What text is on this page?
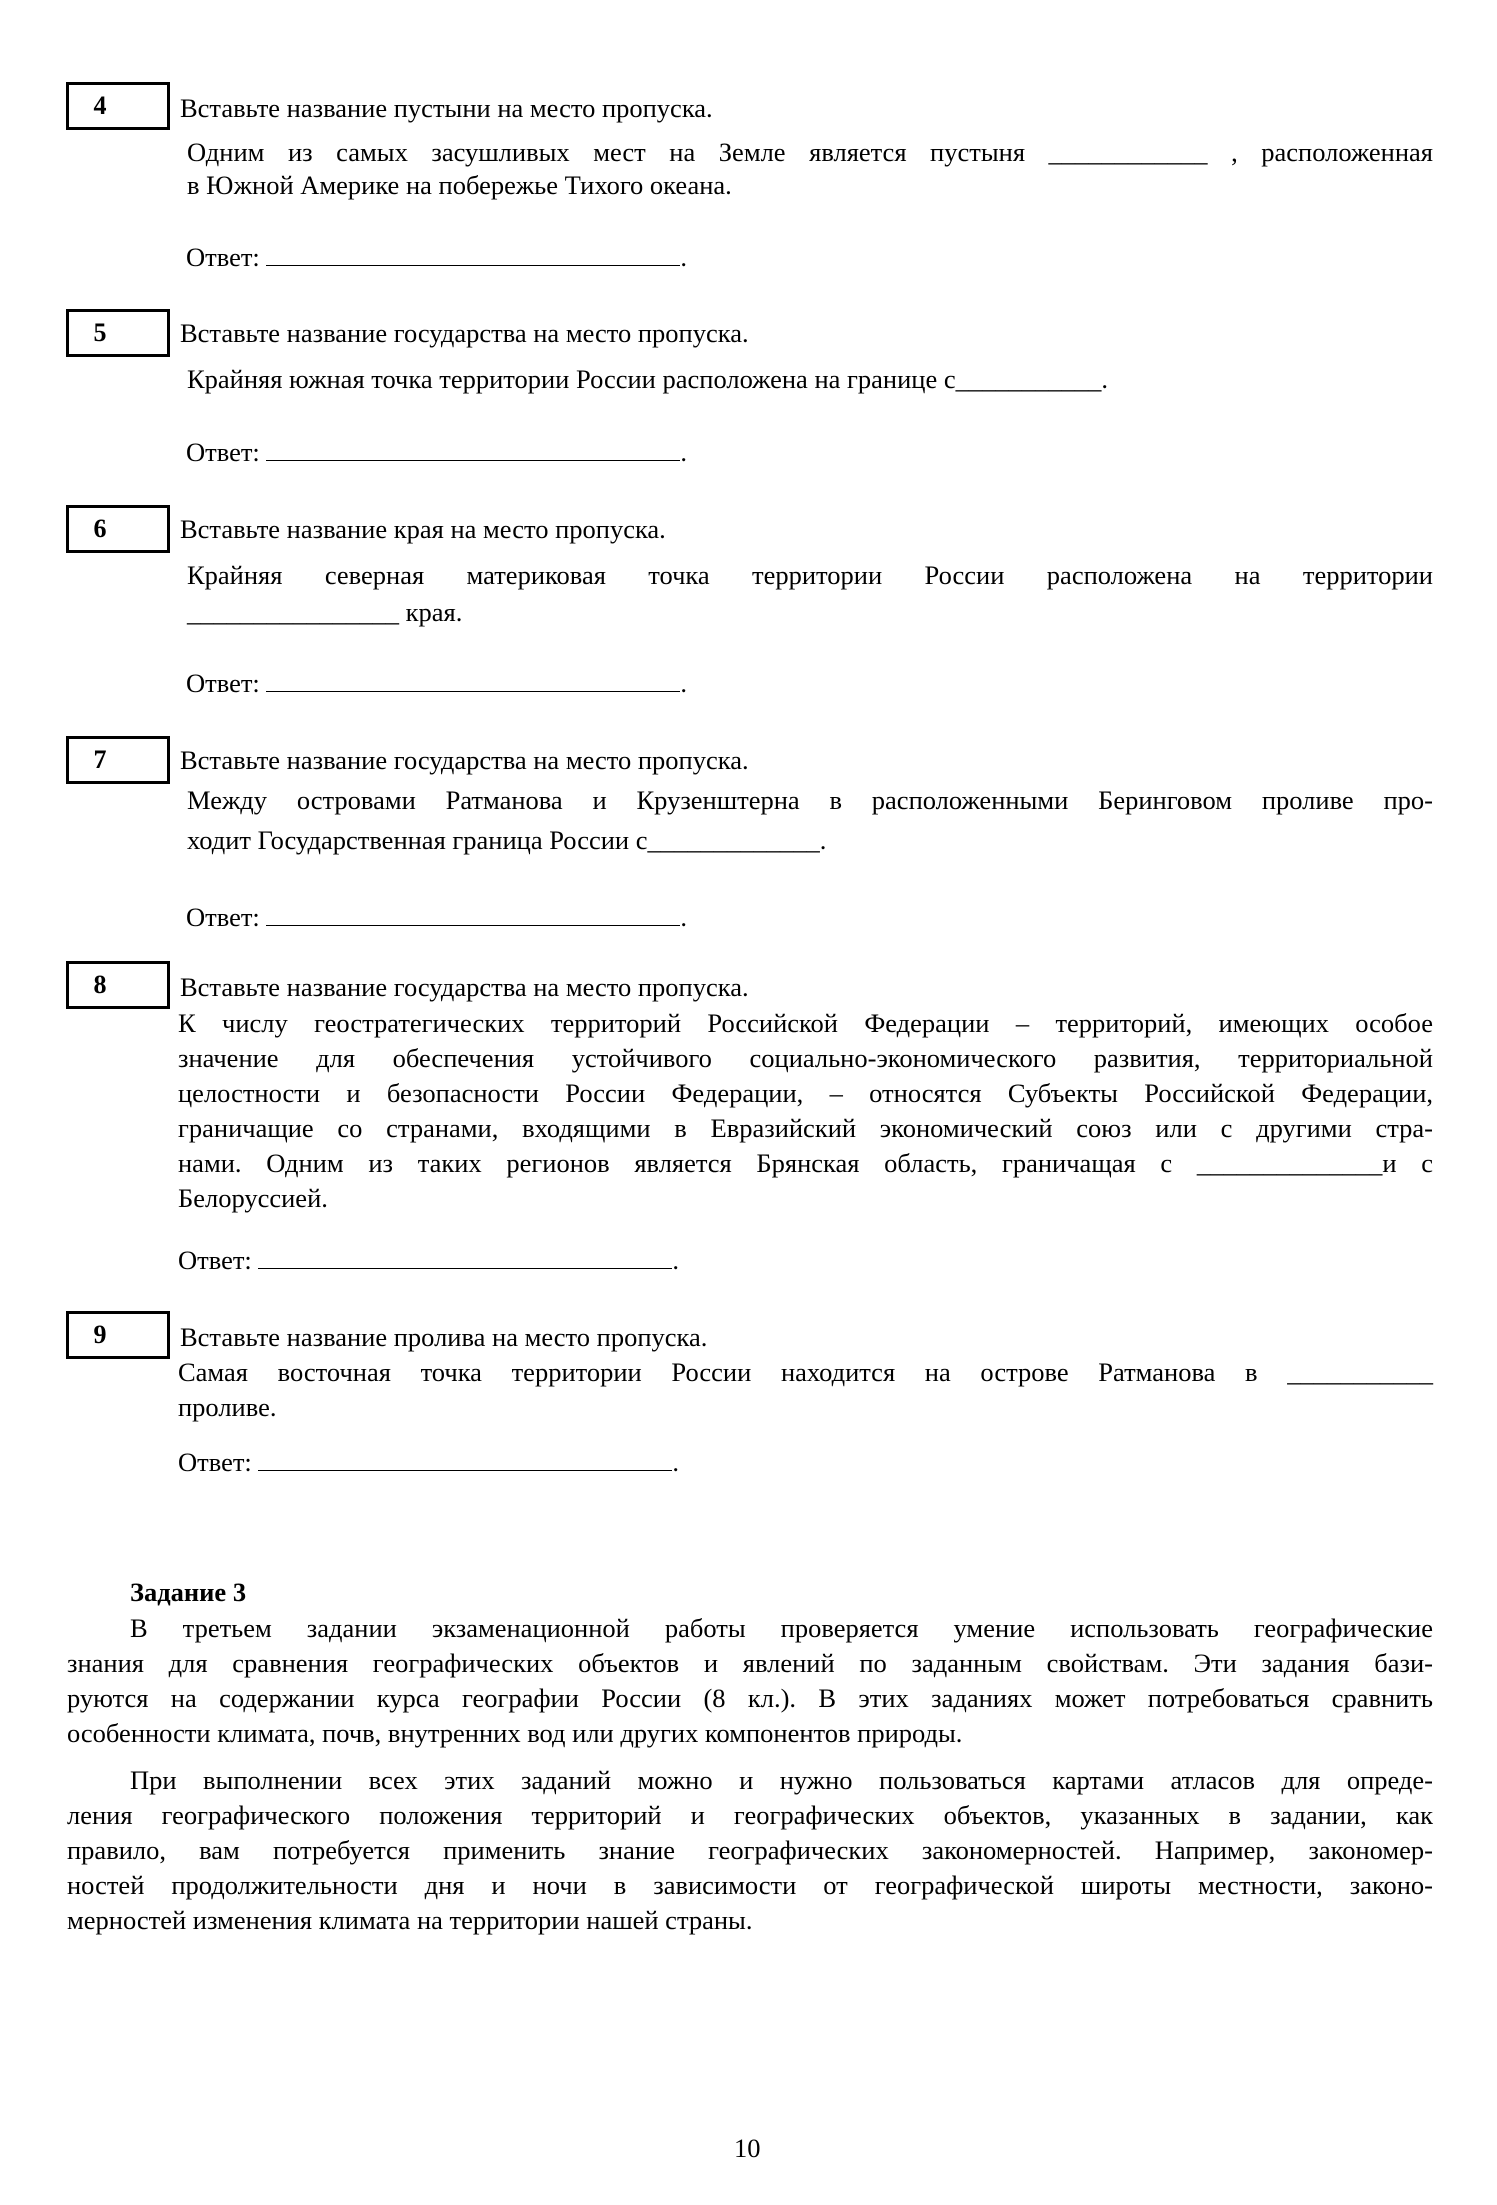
4	Вставьте название пустыни на место пропуска.
Одним из самых засушливых мест на Земле является пустыня ____________ , расположенная
в Южной Америке на побережье Тихого океана.
Ответ:	.
5	Вставьте название государства на место пропуска.
Крайняя южная точка территории России расположена на границе с___________.
Ответ:	.
6	Вставьте название края на место пропуска.
Крайняя северная материковая точка территории России расположена на территории
________________ края.
Ответ:	.
7	Вставьте название государства на место пропуска.
Между островами Ратманова и Крузенштерна в расположенными Беринговом проливе про-
ходит Государственная граница России с_____________.
Ответ:	.
8	Вставьте название государства на место пропуска.
К числу геостратегических территорий Российской Федерации – территорий, имеющих особое
значение для обеспечения устойчивого социально-экономического развития, территориальной
целостности и безопасности России Федерации, – относятся Субъекты Российской Федерации,
граничащие со странами, входящими в Евразийский экономический союз или с другими стра-
нами. Одним из таких регионов является Брянская область, граничащая с ______________и с
Белоруссией.
Ответ:	.
9	Вставьте название пролива на место пропуска.
Самая восточная точка территории России находится на острове Ратманова в ___________
проливе.
Ответ:	.
Задание 3
В третьем задании экзаменационной работы проверяется умение использовать географические
знания для сравнения географических объектов и явлений по заданным свойствам. Эти задания бази-
руются на содержании курса географии России (8 кл.). В этих заданиях может потребоваться сравнить
особенности климата, почв, внутренних вод или других компонентов природы.
При выполнении всех этих заданий можно и нужно пользоваться картами атласов для опреде-
ления географического положения территорий и географических объектов, указанных в задании, как
правило, вам потребуется применить знание географических закономерностей. Например, закономер-
ностей продолжительности дня и ночи в зависимости от географической широты местности, законо-
мерностей изменения климата на территории нашей страны.
10
